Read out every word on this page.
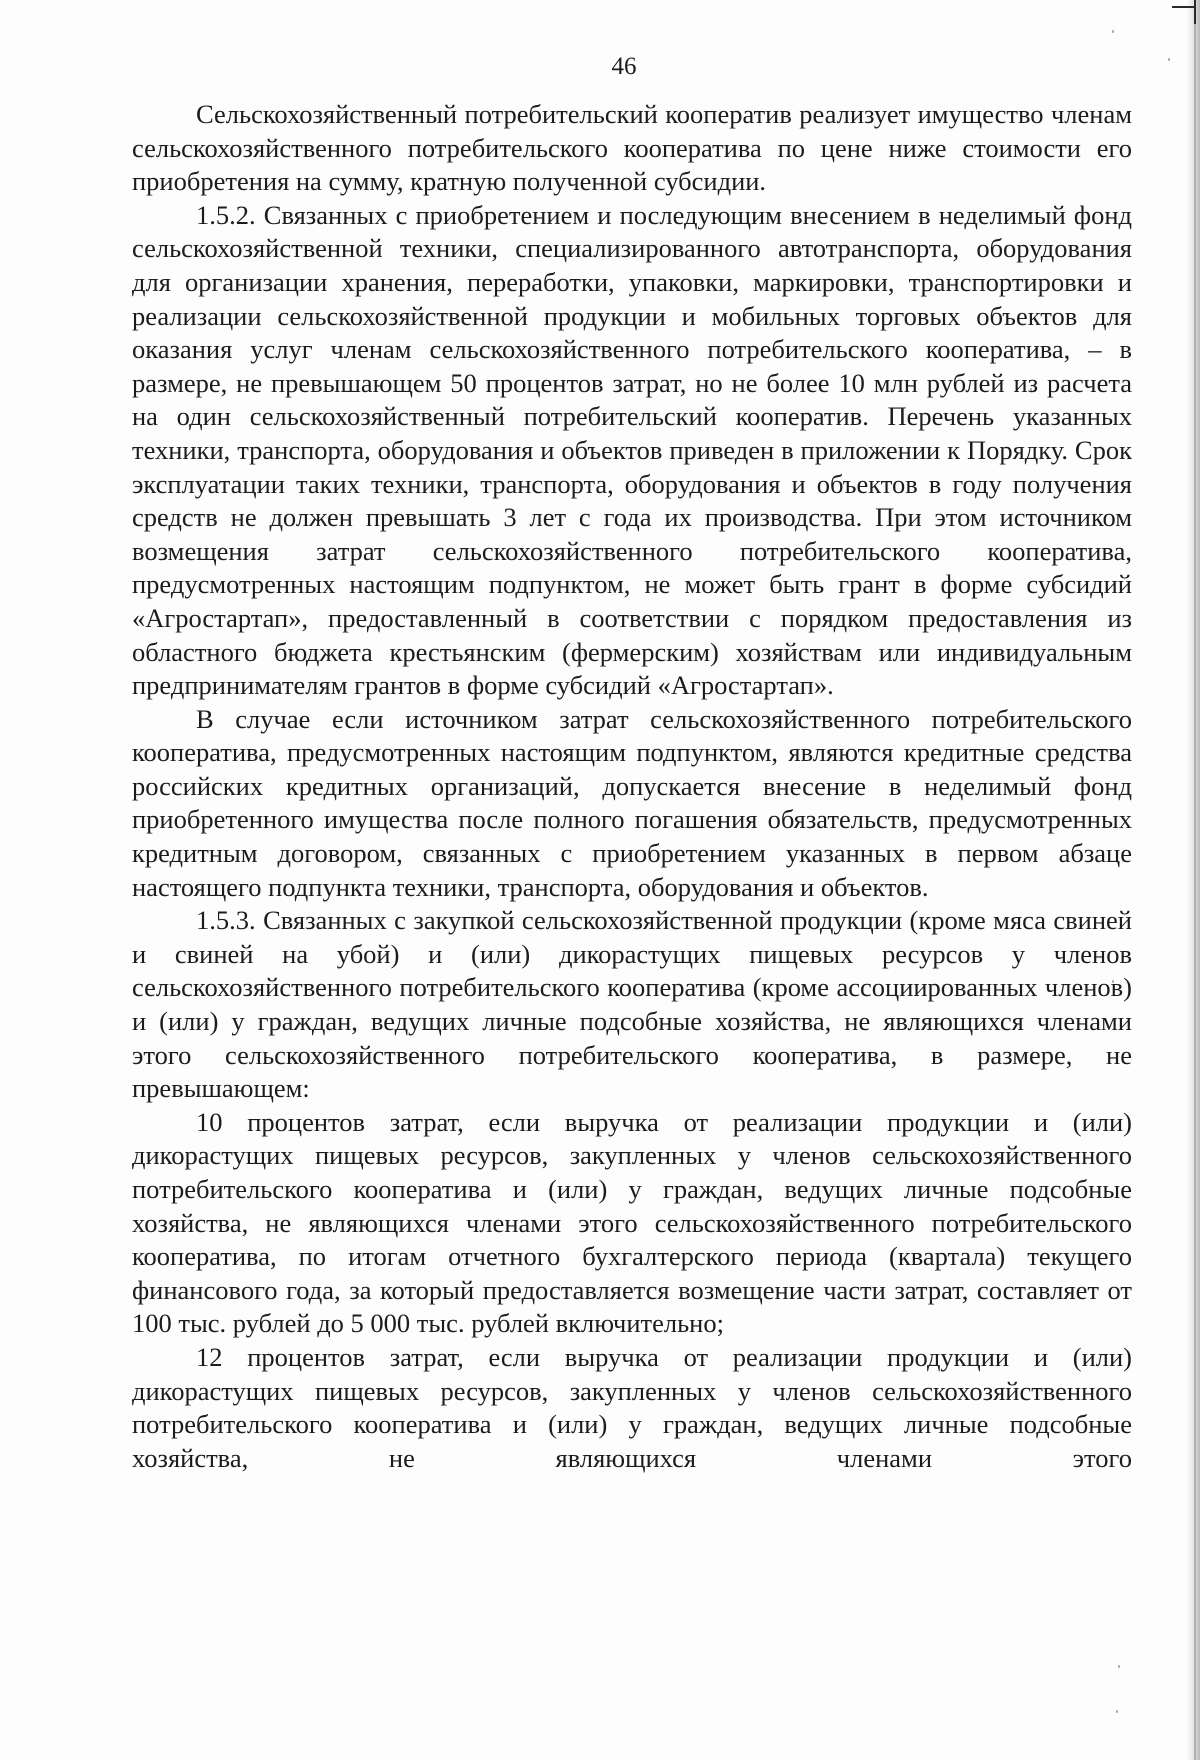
46

Сельскохозяйственный потребительский кооператив реализует имущество членам сельскохозяйственного потребительского кооператива по цене ниже стоимости его приобретения на сумму, кратную полученной субсидии.

1.5.2. Связанных с приобретением и последующим внесением в неделимый фонд сельскохозяйственной техники, специализированного автотранспорта, оборудования для организации хранения, переработки, упаковки, маркировки, транспортировки и реализации сельскохозяйственной продукции и мобильных торговых объектов для оказания услуг членам сельскохозяйственного потребительского кооператива, – в размере, не превышающем 50 процентов затрат, но не более 10 млн рублей из расчета на один сельскохозяйственный потребительский кооператив. Перечень указанных техники, транспорта, оборудования и объектов приведен в приложении к Порядку. Срок эксплуатации таких техники, транспорта, оборудования и объектов в году получения средств не должен превышать 3 лет с года их производства. При этом источником возмещения затрат сельскохозяйственного потребительского кооператива, предусмотренных настоящим подпунктом, не может быть грант в форме субсидий «Агростартап», предоставленный в соответствии с порядком предоставления из областного бюджета крестьянским (фермерским) хозяйствам или индивидуальным предпринимателям грантов в форме субсидий «Агростартап».

В случае если источником затрат сельскохозяйственного потребительского кооператива, предусмотренных настоящим подпунктом, являются кредитные средства российских кредитных организаций, допускается внесение в неделимый фонд приобретенного имущества после полного погашения обязательств, предусмотренных кредитным договором, связанных с приобретением указанных в первом абзаце настоящего подпункта техники, транспорта, оборудования и объектов.

1.5.3. Связанных с закупкой сельскохозяйственной продукции (кроме мяса свиней и свиней на убой) и (или) дикорастущих пищевых ресурсов у членов сельскохозяйственного потребительского кооператива (кроме ассоциированных членов) и (или) у граждан, ведущих личные подсобные хозяйства, не являющихся членами этого сельскохозяйственного потребительского кооператива, в размере, не превышающем:

10 процентов затрат, если выручка от реализации продукции и (или) дикорастущих пищевых ресурсов, закупленных у членов сельскохозяйственного потребительского кооператива и (или) у граждан, ведущих личные подсобные хозяйства, не являющихся членами этого сельскохозяйственного потребительского кооператива, по итогам отчетного бухгалтерского периода (квартала) текущего финансового года, за который предоставляется возмещение части затрат, составляет от 100 тыс. рублей до 5 000 тыс. рублей включительно;

12 процентов затрат, если выручка от реализации продукции и (или) дикорастущих пищевых ресурсов, закупленных у членов сельскохозяйственного потребительского кооператива и (или) у граждан, ведущих личные подсобные хозяйства, не являющихся членами этого
